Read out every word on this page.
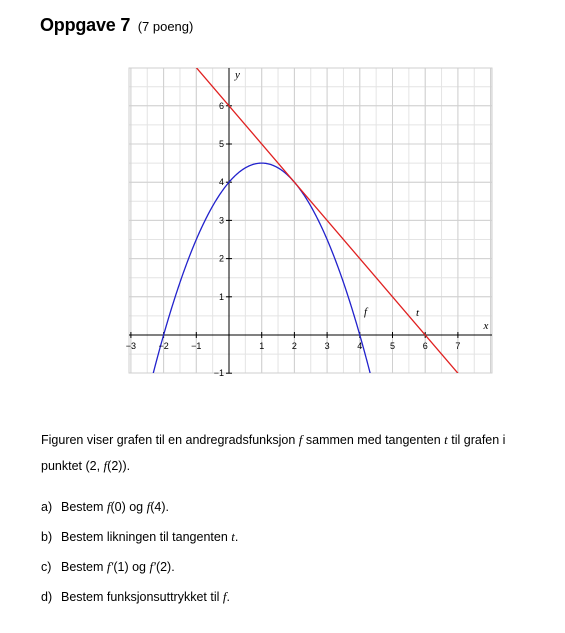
Oppgave 7 (7 poeng)
−3 −2 −1	1	2	3	4	5	6	7
−1
1
2
3
4
5
6
x
y
f	t
Figuren viser grafen til en andregradsfunksjon f sammen med tangenten t til grafen i punktet (2, f(2)).
a) Bestem f(0) og f(4).
b) Bestem likningen til tangenten t.
c) Bestem f′(1) og f′(2).
d) Bestem funksjonsuttrykket til f.
